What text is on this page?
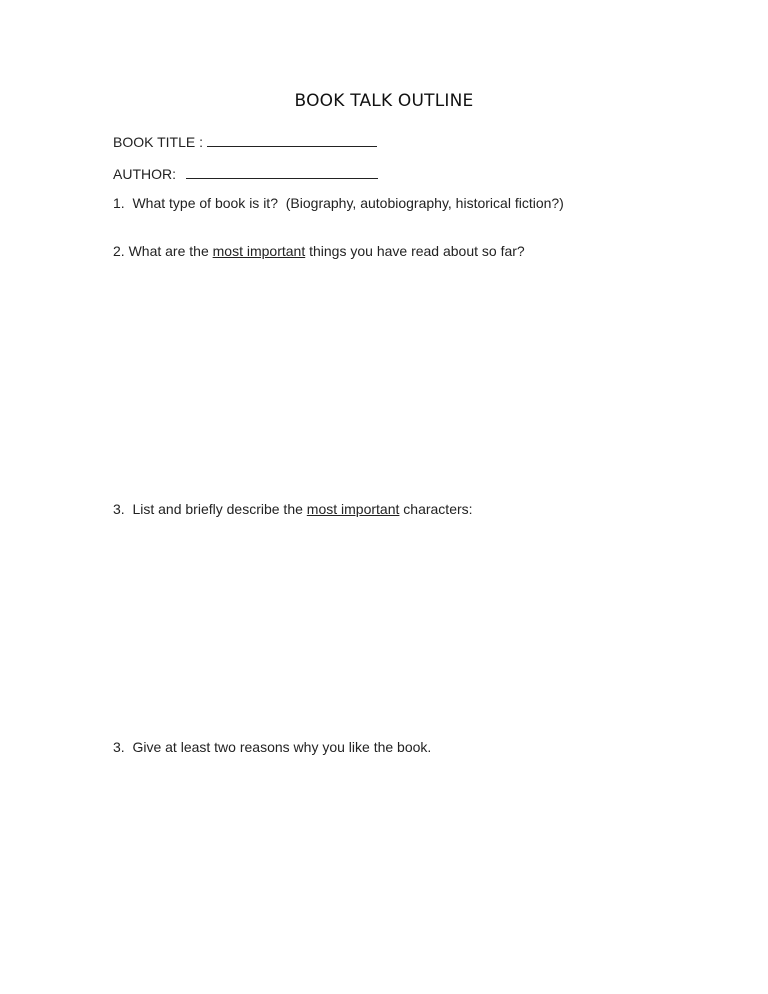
BOOK TALK OUTLINE
BOOK TITLE :
AUTHOR:
1. What type of book is it?  (Biography, autobiography, historical fiction?)
2. What are the most important things you have read about so far?
3. List and briefly describe the most important characters:
3. Give at least two reasons why you like the book.
